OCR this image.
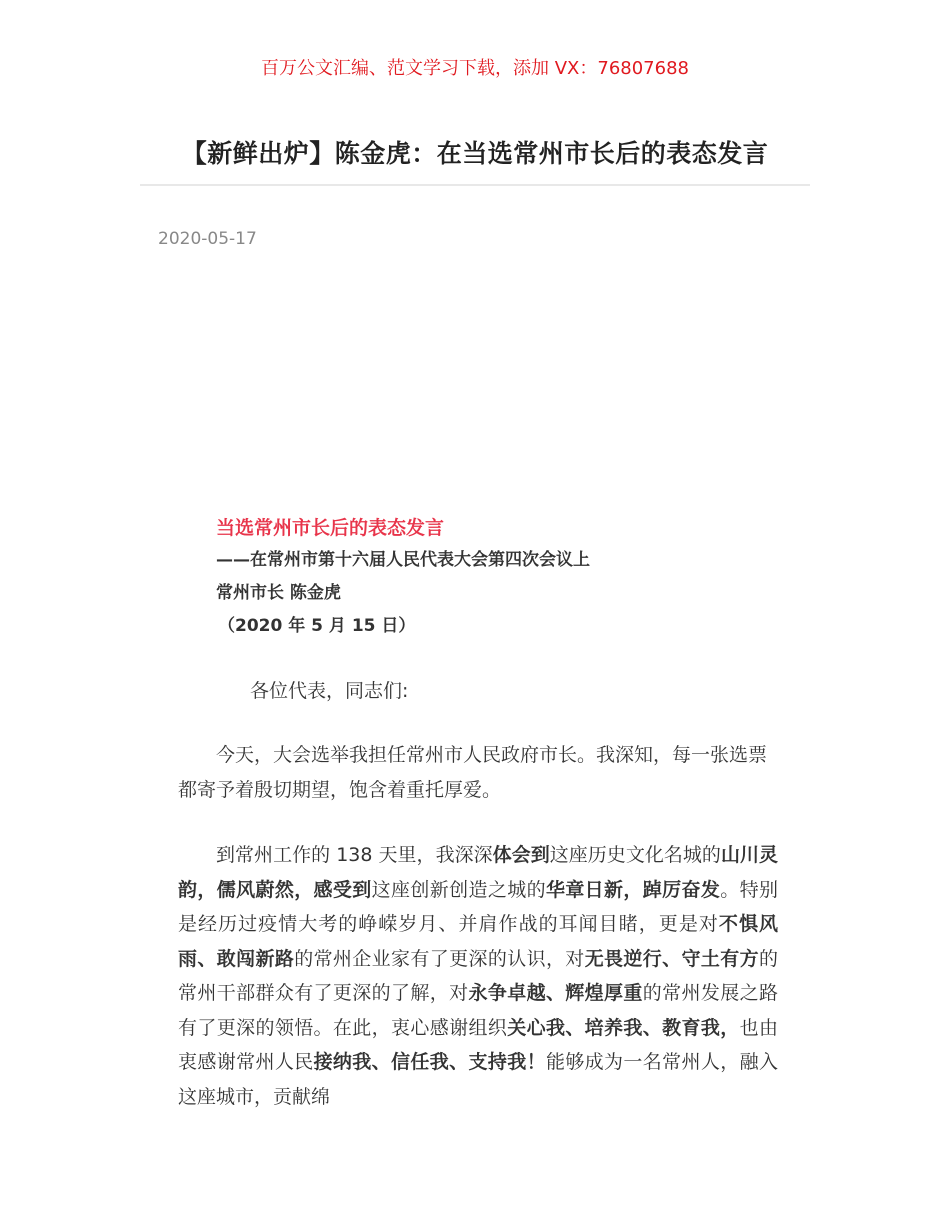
百万公文汇编、范文学习下载，添加 VX：76807688
【新鲜出炉】陈金虎：在当选常州市长后的表态发言
2020-05-17
当选常州市长后的表态发言
——在常州市第十六届人民代表大会第四次会议上
常州市长 陈金虎
（2020 年 5 月 15 日）

各位代表，同志们:

今天，大会选举我担任常州市人民政府市长。我深知，每一张选票都寄予着殷切期望，饱含着重托厚爱。

到常州工作的 138 天里，我深深体会到这座历史文化名城的山川灵韵，儒风蔚然，感受到这座创新创造之城的华章日新，踔厉奋发。特别是经历过疫情大考的峥嵘岁月、并肩作战的耳闻目睹，更是对不惧风雨、敢闯新路的常州企业家有了更深的认识，对无畏逆行、守土有方的常州干部群众有了更深的了解，对永争卓越、辉煌厚重的常州发展之路有了更深的领悟。在此，衷心感谢组织关心我、培养我、教育我，也由衷感谢常州人民接纳我、信任我、支持我！能够成为一名常州人，融入这座城市，贡献绵
